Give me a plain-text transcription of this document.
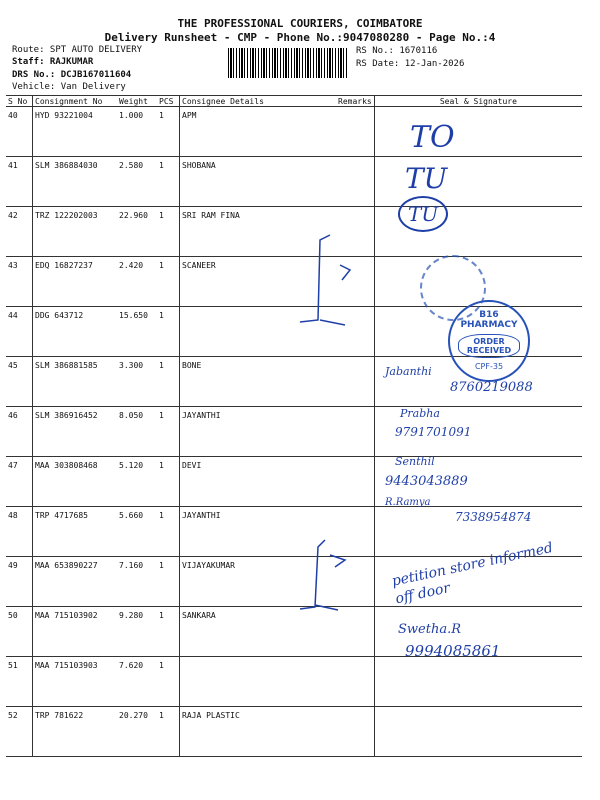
THE PROFESSIONAL COURIERS, COIMBATORE
Delivery Runsheet - CMP - Phone No.:9047080280 - Page No.:4
Route: SPT AUTO DELIVERY
Staff: RAJKUMAR
DRS No.: DCJB167011604
Vehicle: Van Delivery
RS No.: 1670116
RS Date: 12-Jan-2026
S No	Consignment No	Weight	PCS	Consignee Details	Remarks	Seal & Signature
40	HYD 93221004	1.000	1	APM		
41	SLM 386884030	2.580	1	SHOBANA		
42	TRZ 122202003	22.960	1	SRI RAM FINA		
43	EDQ 16827237	2.420	1	SCANEER		
44	DDG 643712	15.650	1			
45	SLM 386881585	3.300	1	BONE		
46	SLM 386916452	8.050	1	JAYANTHI		
47	MAA 303808468	5.120	1	DEVI		
48	TRP 4717685	5.660	1	JAYANTHI		
49	MAA 653890227	7.160	1	VIJAYAKUMAR		
50	MAA 715103902	9.280	1	SANKARA		
51	MAA 715103903	7.620	1			
52	TRP 781622	20.270	1	RAJA PLASTIC		
TO
TU
TU
B16 PHARMACY
ORDER RECEIVED
CPF-35
Jabanthi
8760219088
Prabha
9791701091
Senthil
9443043889
R.Ramya
7338954874
petition store informed off door
Swetha.R
9994085861
